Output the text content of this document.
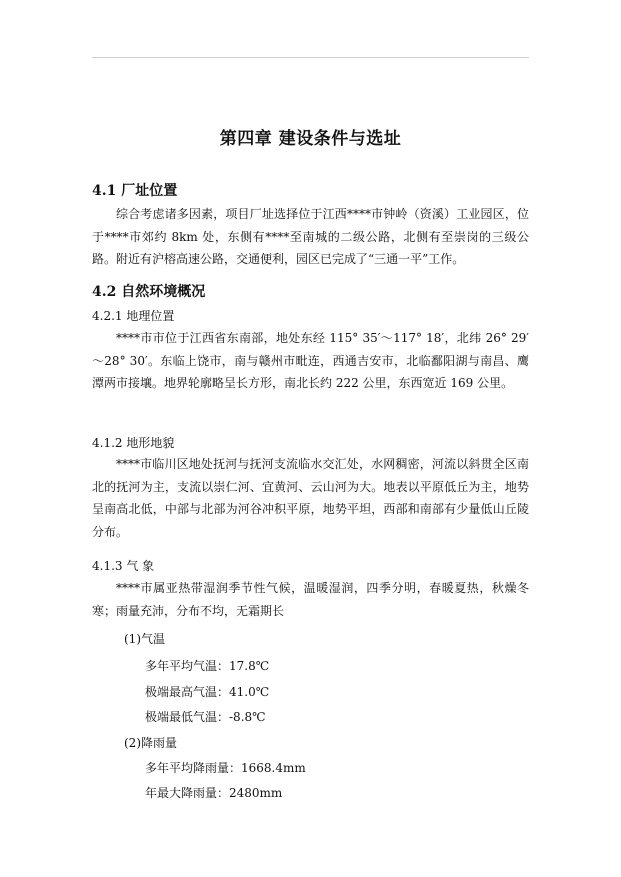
第四章 建设条件与选址
4.1 厂址位置
综合考虑诸多因素，项目厂址选择位于江西****市钟岭（资溪）工业园区，位于****市郊约 8km 处，东侧有****至南城的二级公路，北侧有至崇岗的三级公路。附近有沪榕高速公路，交通便利，园区已完成了“三通一平”工作。
4.2 自然环境概况
4.2.1 地理位置
****市市位于江西省东南部，地处东经 115° 35′～117° 18′，北纬 26° 29′～28° 30′。东临上饶市，南与赣州市毗连，西通吉安市，北临鄱阳湖与南昌、鹰潭两市接壤。地界轮廓略呈长方形，南北长约 222 公里，东西宽近 169 公里。
4.1.2 地形地貌
****市临川区地处抚河与抚河支流临水交汇处，水网稠密，河流以斜贯全区南北的抚河为主，支流以崇仁河、宜黄河、云山河为大。地表以平原低丘为主，地势呈南高北低，中部与北部为河谷冲积平原，地势平坦，西部和南部有少量低山丘陵分布。
4.1.3 气 象
****市属亚热带湿润季节性气候，温暖湿润，四季分明，春暖夏热，秋燥冬寒；雨量充沛，分布不均，无霜期长
(1)气温
多年平均气温：17.8℃
极端最高气温：41.0℃
极端最低气温：-8.8℃
(2)降雨量
多年平均降雨量：1668.4mm
年最大降雨量：2480mm
